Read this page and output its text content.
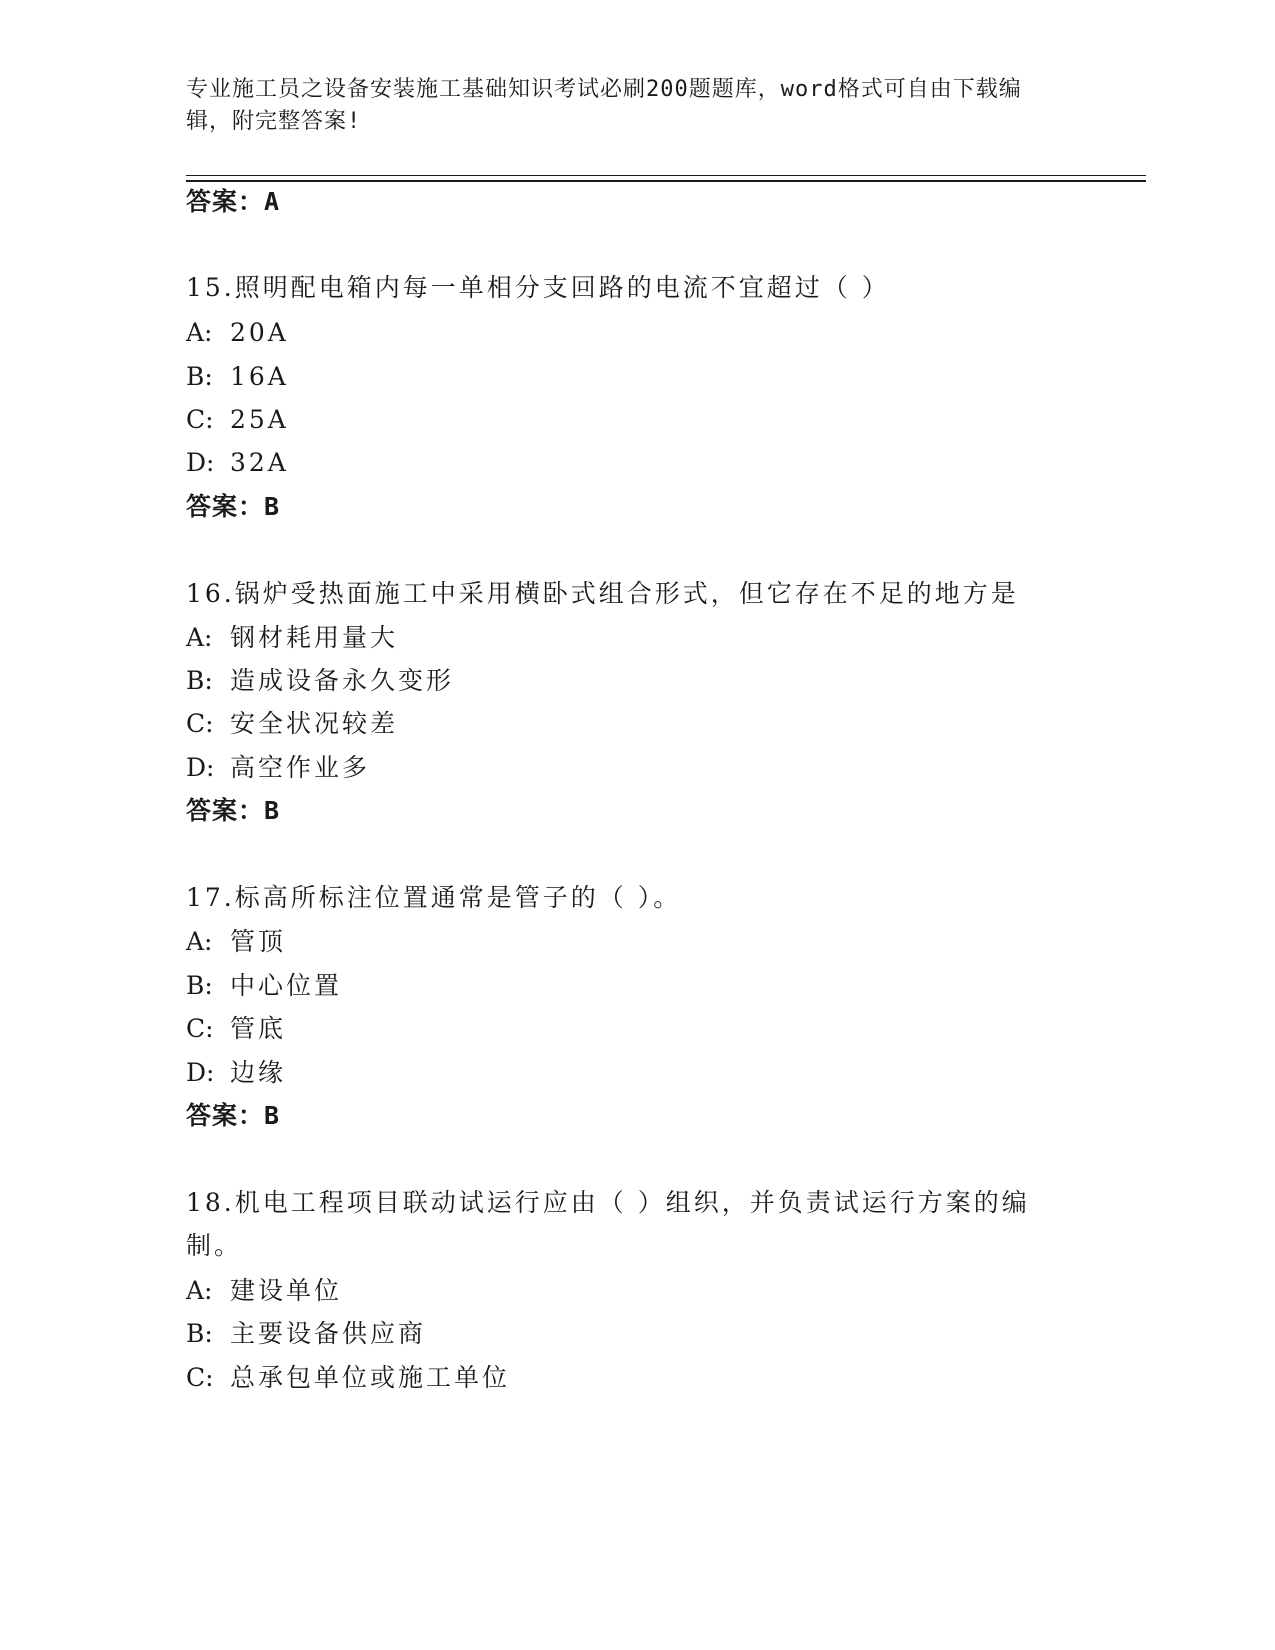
专业施工员之设备安装施工基础知识考试必刷200题题库，word格式可自由下载编辑，附完整答案!
答案：A
15.照明配电箱内每一单相分支回路的电流不宜超过（ ）
A: 20A
B: 16A
C: 25A
D: 32A
答案：B
16.锅炉受热面施工中采用横卧式组合形式，但它存在不足的地方是
A: 钢材耗用量大
B: 造成设备永久变形
C: 安全状况较差
D: 高空作业多
答案：B
17.标高所标注位置通常是管子的（ ）。
A: 管顶
B: 中心位置
C: 管底
D: 边缘
答案：B
18.机电工程项目联动试运行应由（ ）组织，并负责试运行方案的编
制。
A: 建设单位
B: 主要设备供应商
C: 总承包单位或施工单位
